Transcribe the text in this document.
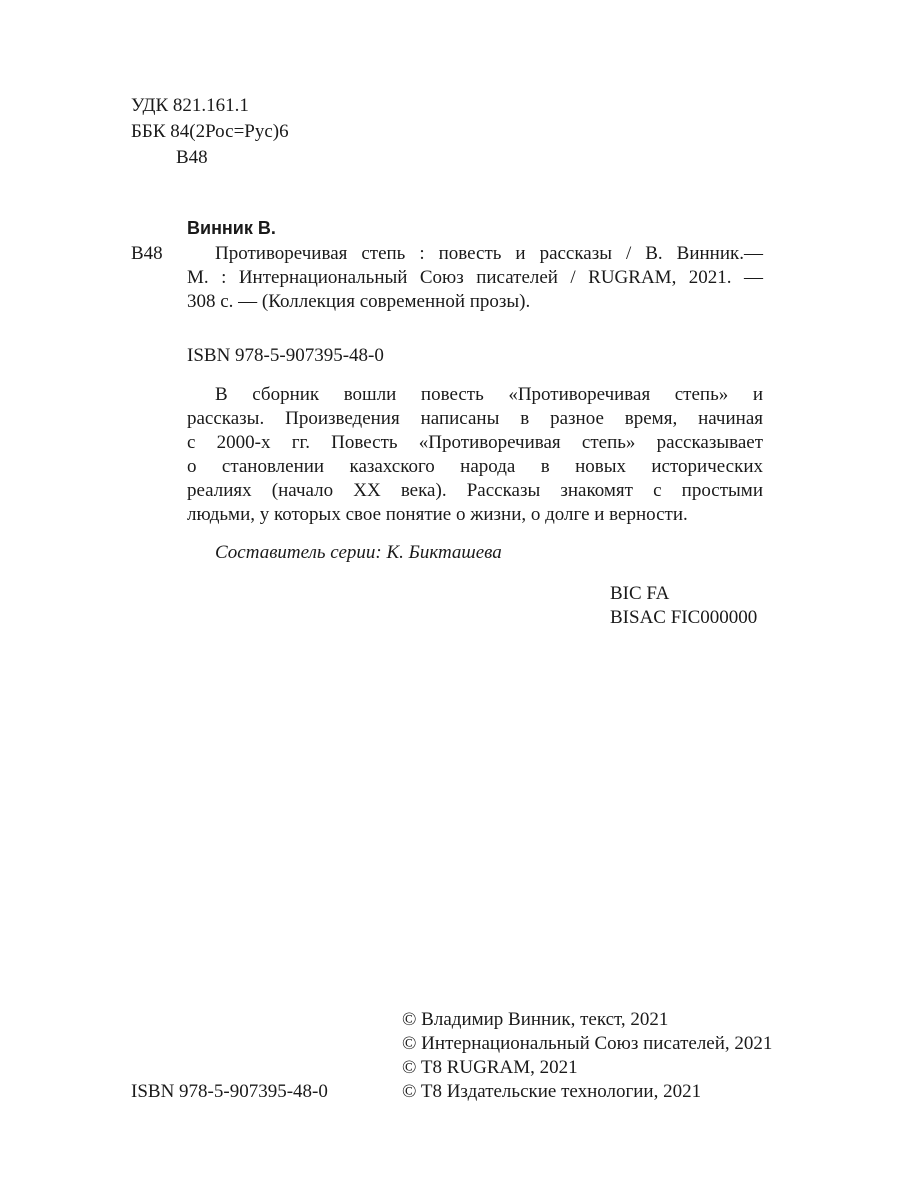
УДК 821.161.1
ББК 84(2Рос=Рус)6
В48
Винник В.
В48	Противоречивая степь : повесть и рассказы / В. Винник.—
М. : Интернациональный Союз писателей / RUGRAM, 2021. —
308 с. — (Коллекция современной прозы).
ISBN 978-5-907395-48-0
В сборник вошли повесть «Противоречивая степь» и
рассказы. Произведения написаны в разное время, начиная
с 2000-х гг. Повесть «Противоречивая степь» рассказывает
о становлении казахского народа в новых исторических
реалиях (начало XX века). Рассказы знакомят с простыми
людьми, у которых свое понятие о жизни, о долге и верности.
Составитель серии: К. Бикташева
BIC FA
BISAC FIC000000
© Владимир Винник, текст, 2021
© Интернациональный Союз писателей, 2021
© T8 RUGRAM, 2021
© T8 Издательские технологии, 2021
ISBN 978-5-907395-48-0
